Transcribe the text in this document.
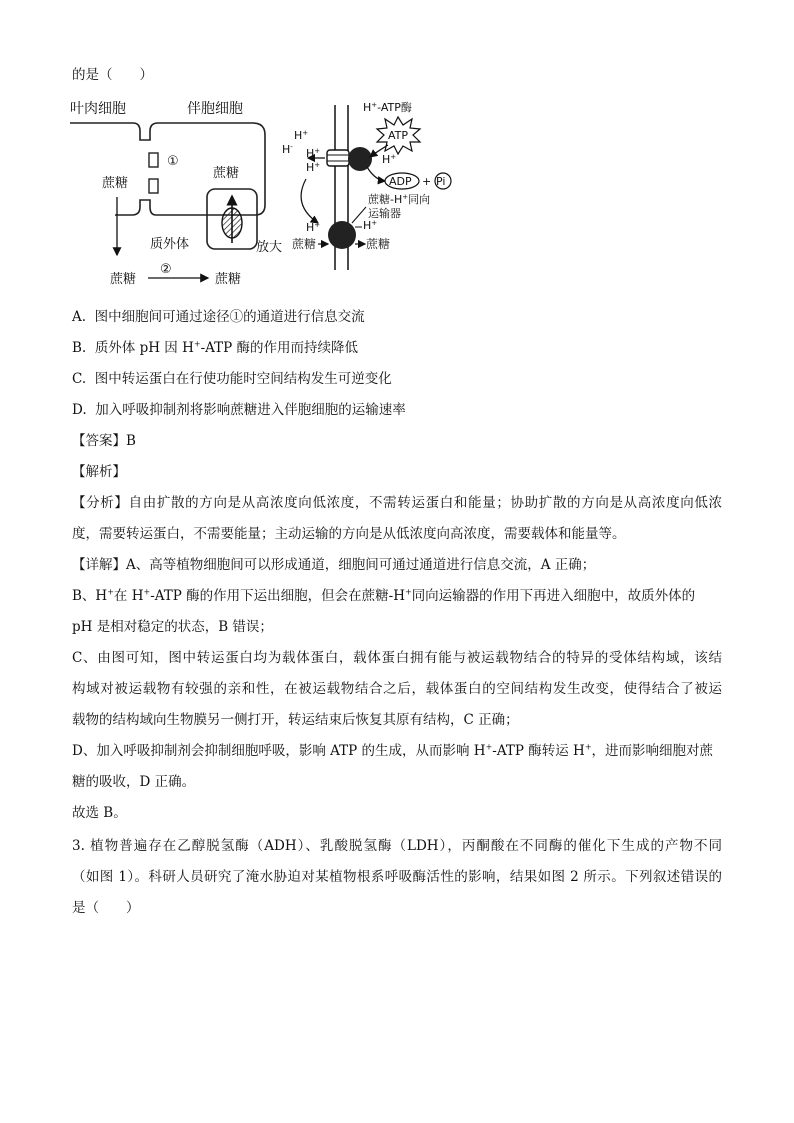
的是（　　）
叶肉细胞	伴胞细胞
①
蔗糖
蔗糖
质外体	放大
蔗糖
②
蔗糖
H+-ATP酶
ATP
H+
ADP + Pi
H+
H- H+
H+
蔗糖-H+同向
运输器
H+	H+
蔗糖	蔗糖
A. 图中细胞间可通过途径①的通道进行信息交流
B. 质外体 pH 因 H+-ATP 酶的作用而持续降低
C. 图中转运蛋白在行使功能时空间结构发生可逆变化
D. 加入呼吸抑制剂将影响蔗糖进入伴胞细胞的运输速率
【答案】B
【解析】
【分析】自由扩散的方向是从高浓度向低浓度，不需转运蛋白和能量；协助扩散的方向是从高浓度向低浓
度，需要转运蛋白，不需要能量；主动运输的方向是从低浓度向高浓度，需要载体和能量等。
【详解】A、高等植物细胞间可以形成通道，细胞间可通过通道进行信息交流，A 正确；
B、H+在 H+-ATP 酶的作用下运出细胞，但会在蔗糖-H+同向运输器的作用下再进入细胞中，故质外体的
pH 是相对稳定的状态，B 错误；
C、由图可知，图中转运蛋白均为载体蛋白，载体蛋白拥有能与被运载物结合的特异的受体结构域，该结
构域对被运载物有较强的亲和性，在被运载物结合之后，载体蛋白的空间结构发生改变，使得结合了被运
载物的结构域向生物膜另一侧打开，转运结束后恢复其原有结构，C 正确；
D、加入呼吸抑制剂会抑制细胞呼吸，影响 ATP 的生成，从而影响 H+-ATP 酶转运 H+，进而影响细胞对蔗
糖的吸收，D 正确。
故选 B。
3. 植物普遍存在乙醇脱氢酶（ADH）、乳酸脱氢酶（LDH），丙酮酸在不同酶的催化下生成的产物不同
（如图 1）。科研人员研究了淹水胁迫对某植物根系呼吸酶活性的影响，结果如图 2 所示。下列叙述错误的
是（　　）
